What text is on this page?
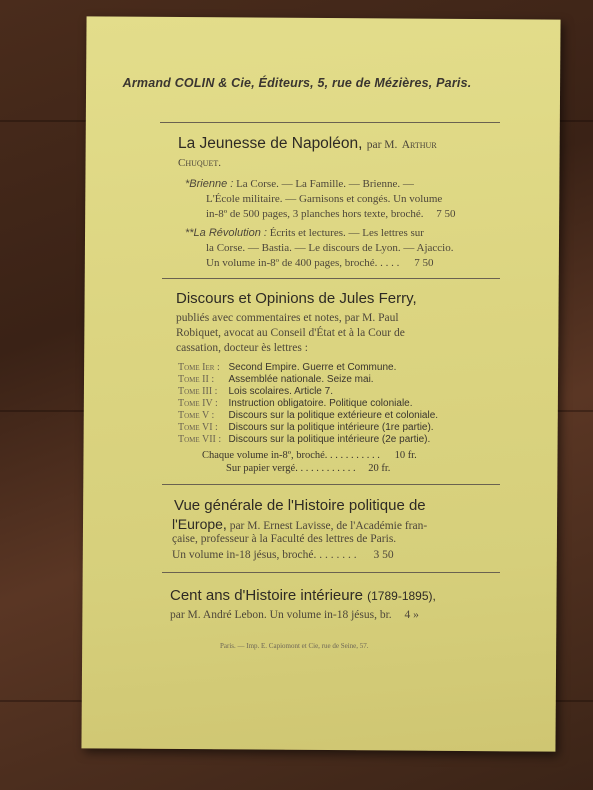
Armand COLIN & Cie, Éditeurs, 5, rue de Mézières, Paris.
La Jeunesse de Napoléon, par M. Arthur
Chuquet.
*Brienne : La Corse. — La Famille. — Brienne. —
L'École militaire. — Garnisons et congés. Un volume
in-8º de 500 pages, 3 planches hors texte, broché. 7 50
**La Révolution : Écrits et lectures. — Les lettres sur
la Corse. — Bastia. — Le discours de Lyon. — Ajaccio.
Un volume in-8º de 400 pages, broché. . . . . 7 50
Discours et Opinions de Jules Ferry,
publiés avec commentaires et notes, par M. Paul
Robiquet, avocat au Conseil d'État et à la Cour de
cassation, docteur ès lettres :
Tome Ier : Second Empire. Guerre et Commune.
Tome II : Assemblée nationale. Seize mai.
Tome III : Lois scolaires. Article 7.
Tome IV : Instruction obligatoire. Politique coloniale.
Tome V : Discours sur la politique extérieure et coloniale.
Tome VI : Discours sur la politique intérieure (1re partie).
Tome VII : Discours sur la politique intérieure (2e partie).
Chaque volume in-8º, broché. . . . . . . . . . . 10 fr.
Sur papier vergé. . . . . . . . . . . . 20 fr.
Vue générale de l'Histoire politique de
l'Europe, par M. Ernest Lavisse, de l'Académie fran-
çaise, professeur à la Faculté des lettres de Paris.
Un volume in-18 jésus, broché. . . . . . . . 3 50
Cent ans d'Histoire intérieure (1789-1895),
par M. André Lebon. Un volume in-18 jésus, br. 4 »
Paris. — Imp. E. Capiomont et Cie, rue de Seine, 57.
